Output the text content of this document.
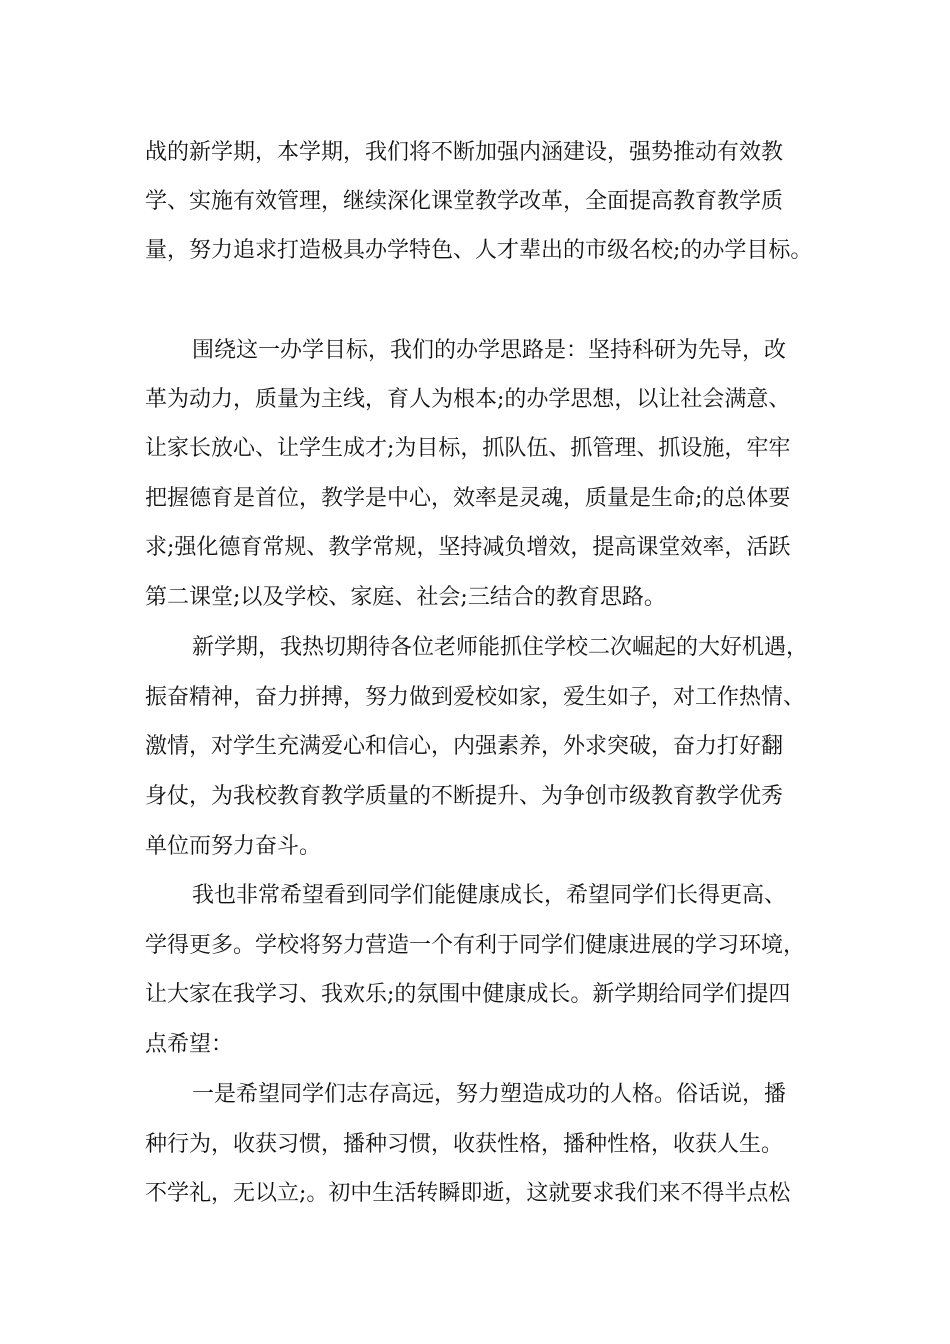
战的新学期，本学期，我们将不断加强内涵建设，强势推动有效教
学、实施有效管理，继续深化课堂教学改革，全面提高教育教学质
量，努力追求打造极具办学特色、人才辈出的市级名校;的办学目标。
围绕这一办学目标，我们的办学思路是：坚持科研为先导，改
革为动力，质量为主线，育人为根本;的办学思想，以让社会满意、
让家长放心、让学生成才;为目标，抓队伍、抓管理、抓设施，牢牢
把握德育是首位，教学是中心，效率是灵魂，质量是生命;的总体要
求;强化德育常规、教学常规，坚持减负增效，提高课堂效率，活跃
第二课堂;以及学校、家庭、社会;三结合的教育思路。
新学期，我热切期待各位老师能抓住学校二次崛起的大好机遇，
振奋精神，奋力拼搏，努力做到爱校如家，爱生如子，对工作热情、
激情，对学生充满爱心和信心，内强素养，外求突破，奋力打好翻
身仗，为我校教育教学质量的不断提升、为争创市级教育教学优秀
单位而努力奋斗。
我也非常希望看到同学们能健康成长，希望同学们长得更高、
学得更多。学校将努力营造一个有利于同学们健康进展的学习环境，
让大家在我学习、我欢乐;的氛围中健康成长。新学期给同学们提四
点希望：
一是希望同学们志存高远，努力塑造成功的人格。俗话说，播
种行为，收获习惯，播种习惯，收获性格，播种性格，收获人生。
不学礼，无以立;。初中生活转瞬即逝，这就要求我们来不得半点松
